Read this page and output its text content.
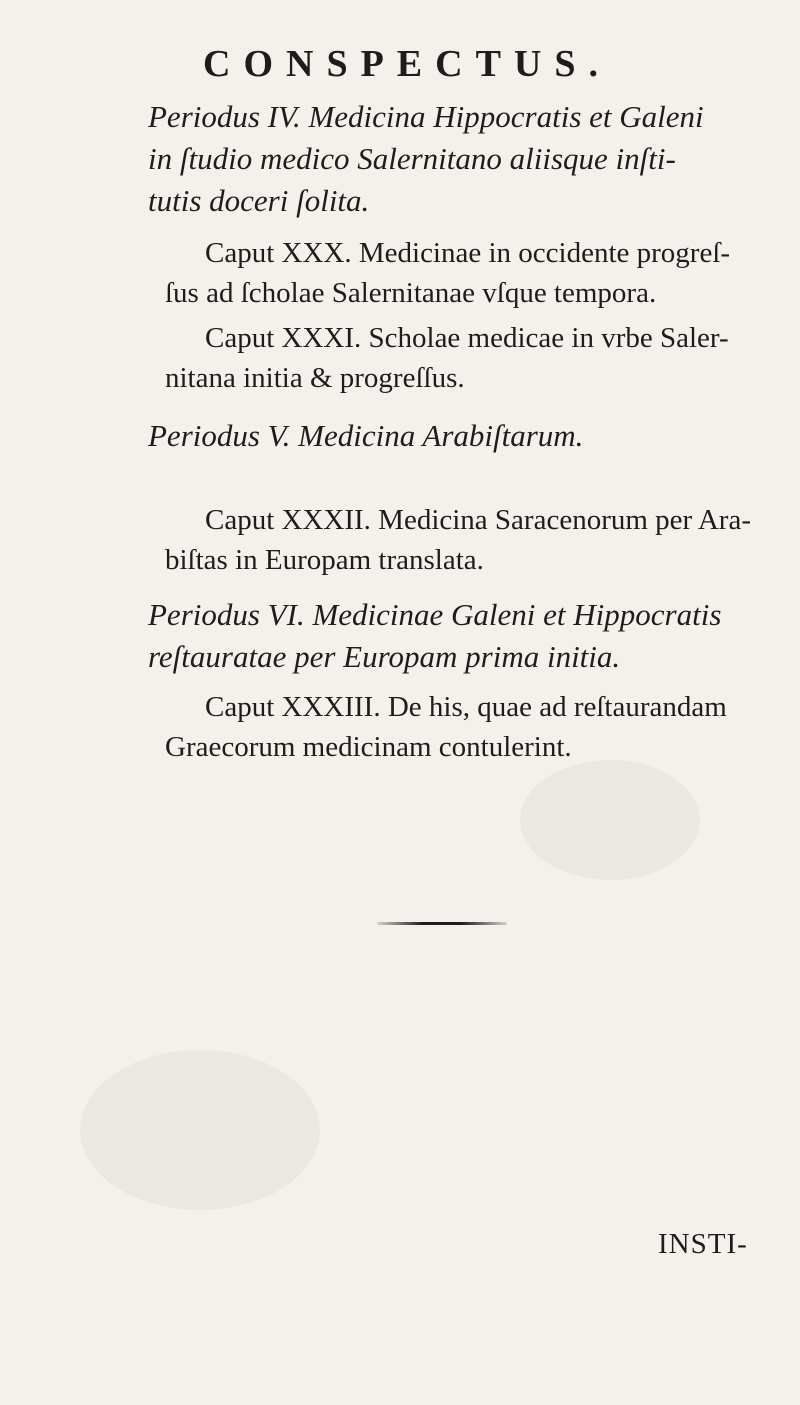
CONSPECTUS.
Periodus IV. Medicina Hippocratis et Galeni
in ſtudio medico Salernitano aliisque inſti-
tutis doceri ſolita.
Caput XXX. Medicinae in occidente progreſ-
ſus ad ſcholae Salernitanae vſque tempora.
Caput XXXI. Scholae medicae in vrbe Saler-
nitana initia & progreſſus.
Periodus V. Medicina Arabiſtarum.
Caput XXXII. Medicina Saracenorum per Ara-
biſtas in Europam translata.
Periodus VI. Medicinae Galeni et Hippocratis
reſtauratae per Europam prima initia.
Caput XXXIII. De his, quae ad reſtaurandam
Graecorum medicinam contulerint.
INSTI-
